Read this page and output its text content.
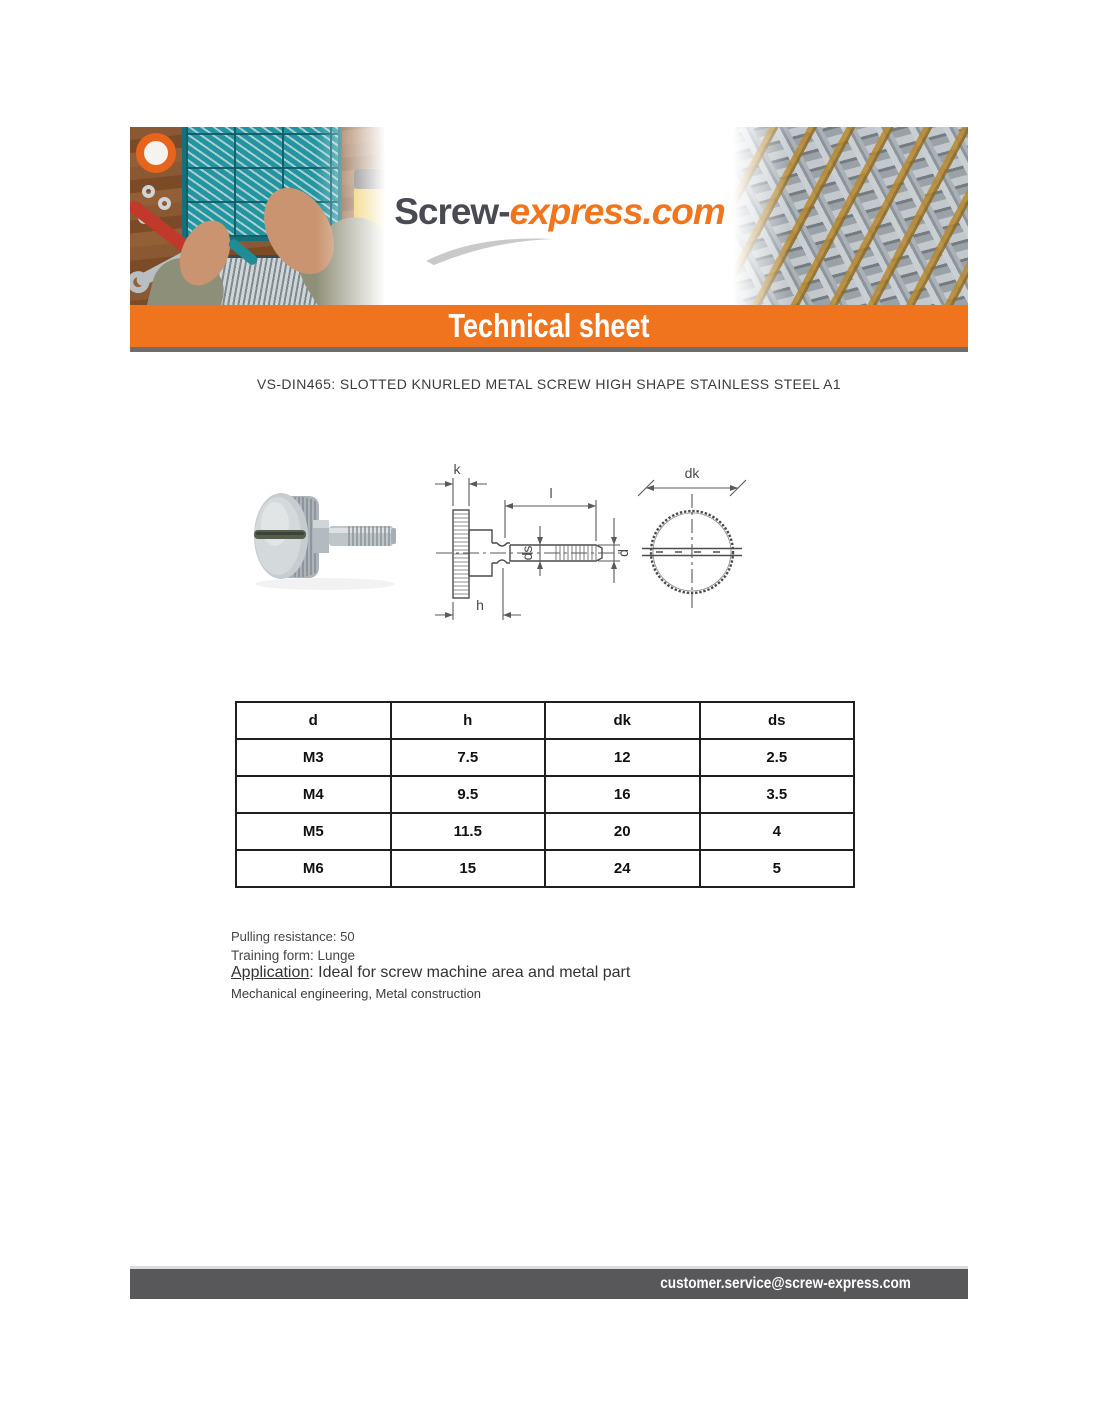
Screw-express.com
Technical sheet
VS-DIN465: SLOTTED KNURLED METAL SCREW HIGH SHAPE STAINLESS STEEL A1
k
l
ds	d
h
dk
d	h	dk	ds
M3	7.5	12	2.5
M4	9.5	16	3.5
M5	11.5	20	4
M6	15	24	5
Pulling resistance: 50
Training form: Lunge
Application: Ideal for screw machine area and metal part
Mechanical engineering, Metal construction
customer.service@screw-express.com
